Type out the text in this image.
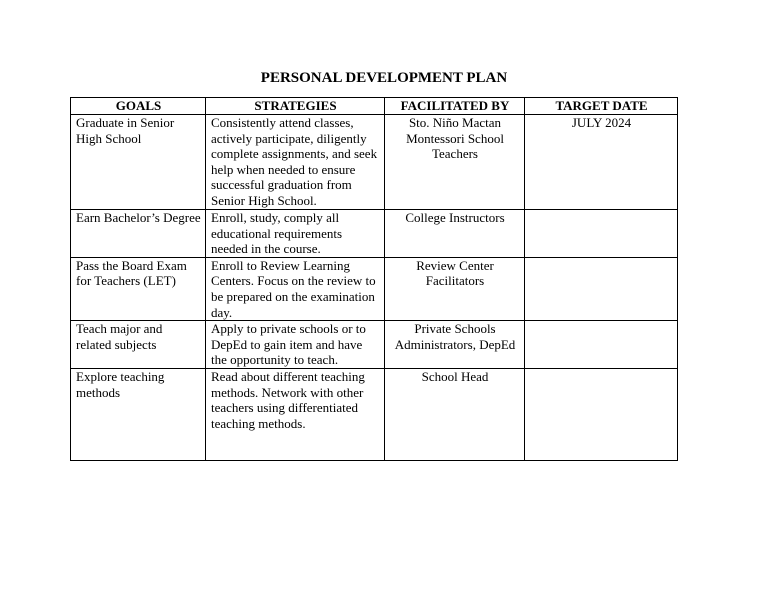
PERSONAL DEVELOPMENT PLAN
GOALS	STRATEGIES	FACILITATED BY	TARGET DATE
Graduate in Senior High School	Consistently attend classes, actively participate, diligently complete assignments, and seek help when needed to ensure successful graduation from Senior High School.	Sto. Niño Mactan Montessori School Teachers	JULY 2024
Earn Bachelor’s Degree	Enroll, study, comply all educational requirements needed in the course.	College Instructors	
Pass the Board Exam for Teachers (LET)	Enroll to Review Learning Centers. Focus on the review to be prepared on the examination day.	Review Center Facilitators	
Teach major and related subjects	Apply to private schools or to DepEd to gain item and have the opportunity to teach.	Private Schools Administrators, DepEd	
Explore teaching methods	Read about different teaching methods. Network with other teachers using differentiated teaching methods.	School Head	
